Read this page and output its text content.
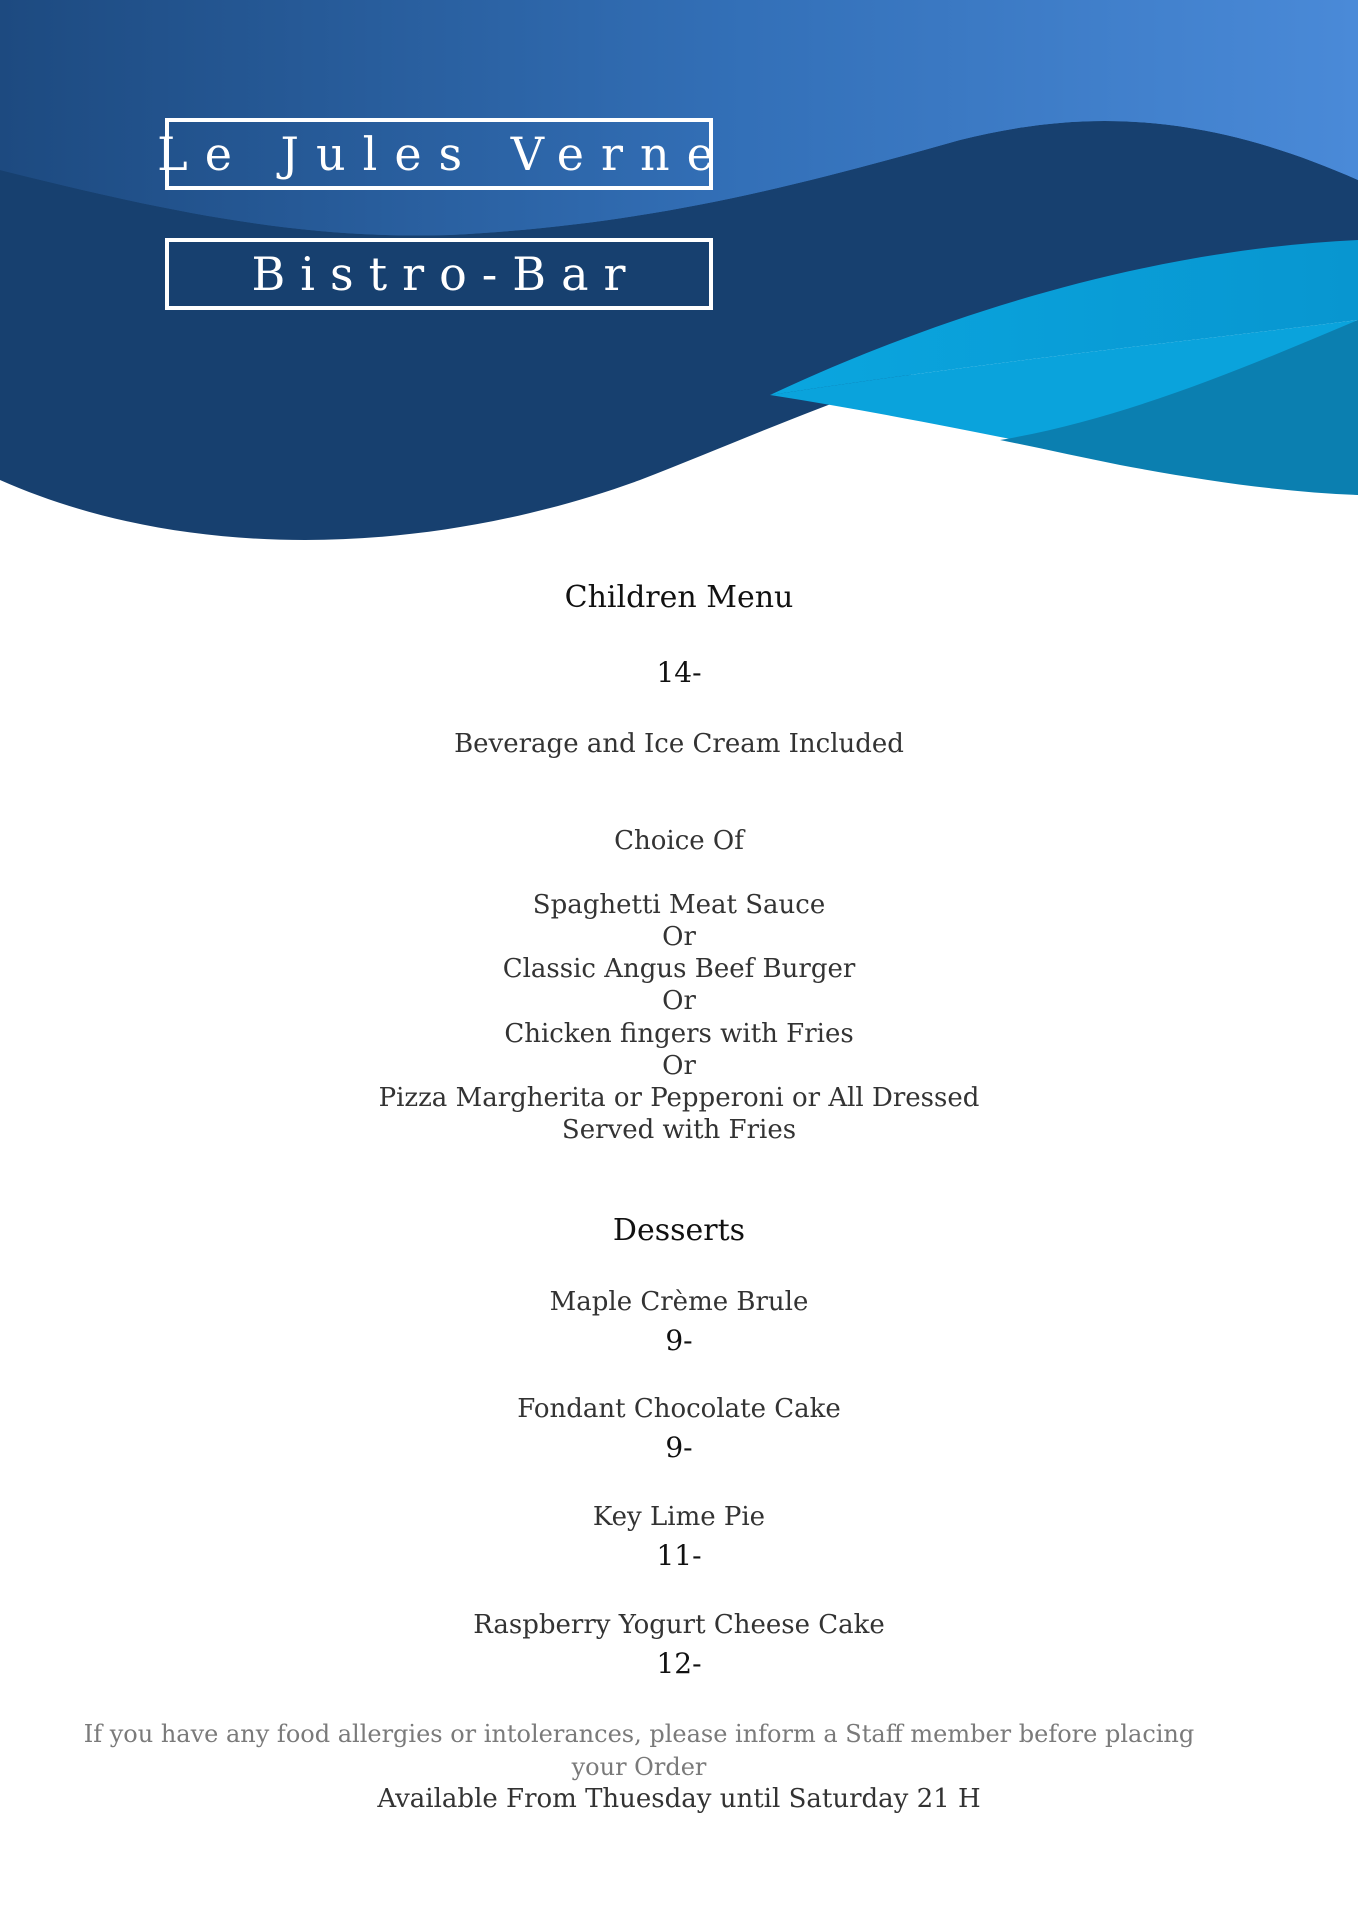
Le Jules Verne
Bistro-Bar
Children Menu
14-
Beverage and Ice Cream Included
Choice Of
Spaghetti Meat Sauce
Or
Classic Angus Beef Burger
Or
Chicken fingers with Fries
Or
Pizza Margherita or Pepperoni or All Dressed
Served with Fries
Desserts
Maple Crème Brule
9-
Fondant Chocolate Cake
9-
Key Lime Pie
11-
Raspberry Yogurt Cheese Cake
12-
If you have any food allergies or intolerances, please inform a Staff member before placing
your Order
Available From Thuesday until Saturday 21 H
